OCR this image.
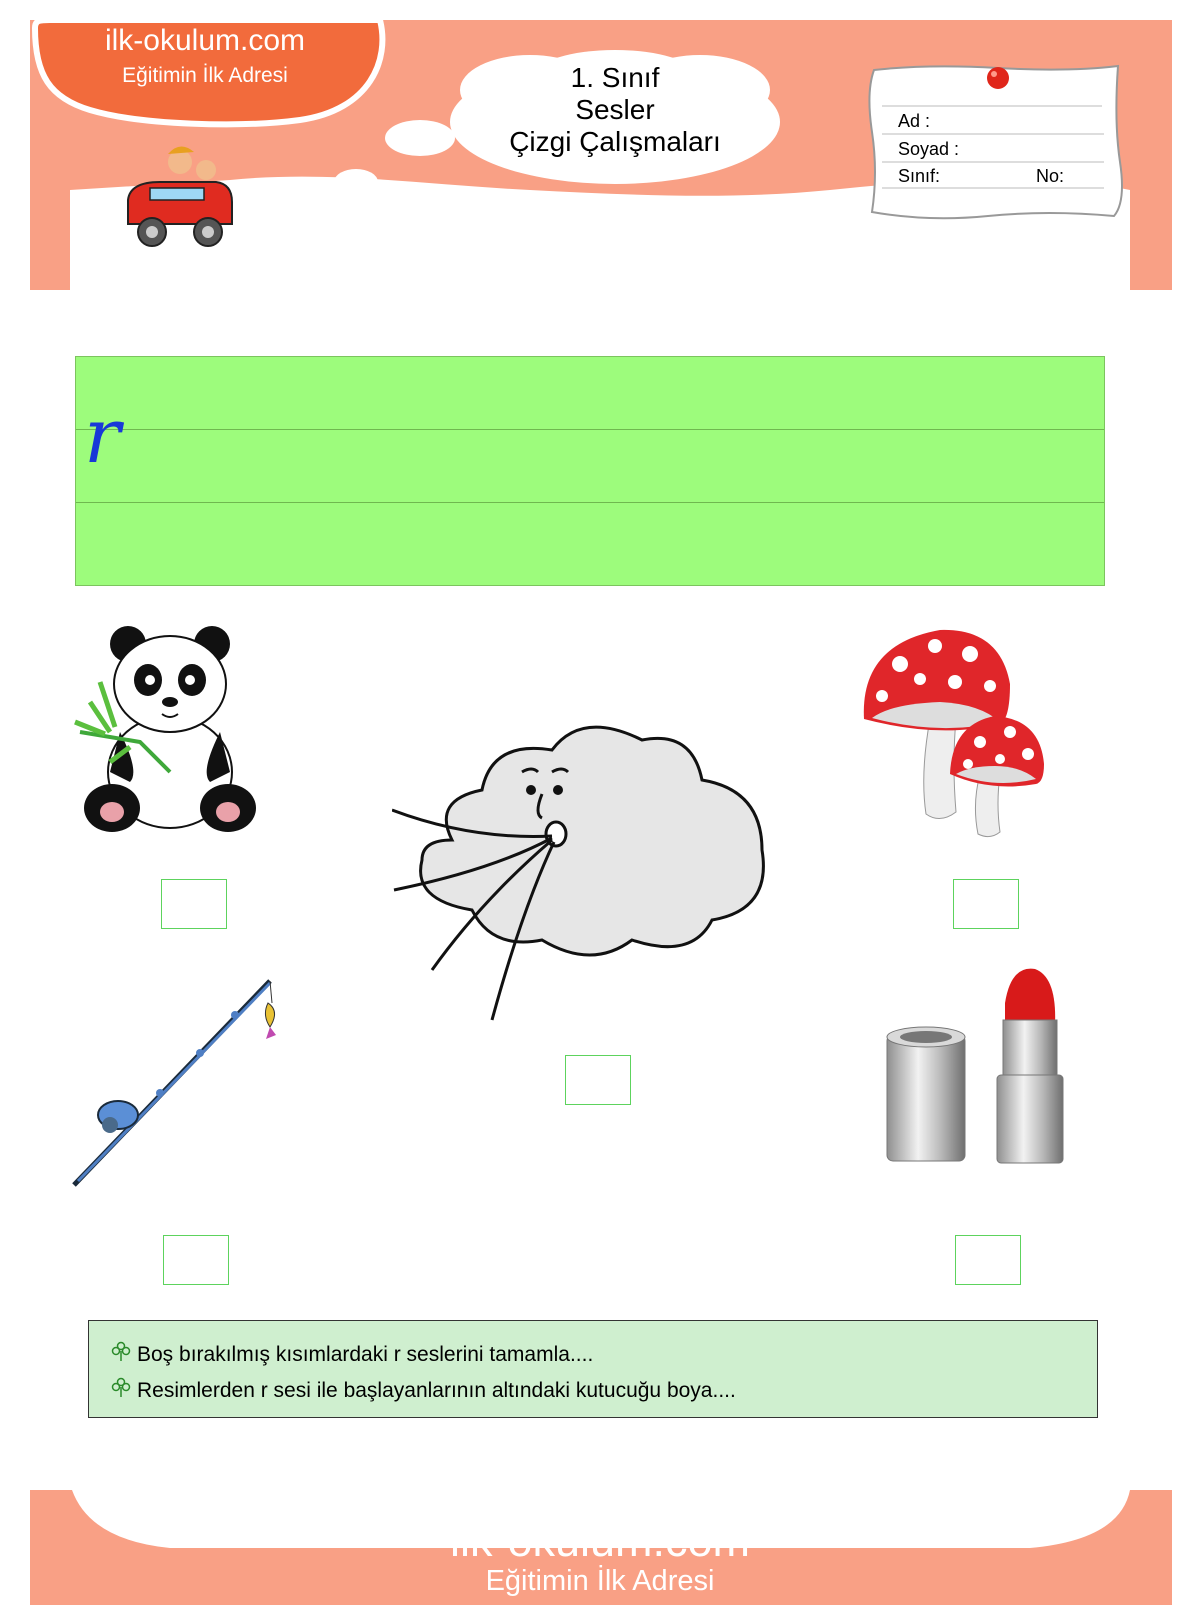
ilk-okulum.com
Eğitimin İlk Adresi	1. Sınıf
Sesler
Çizgi Çalışmaları
Ad :
Soyad :
Sınıf:	No:
r
Boş bırakılmış kısımlardaki r seslerini tamamla....
Resimlerden r sesi ile başlayanlarının altındaki kutucuğu boya....
ilk-okulum.com
Eğitimin İlk Adresi
